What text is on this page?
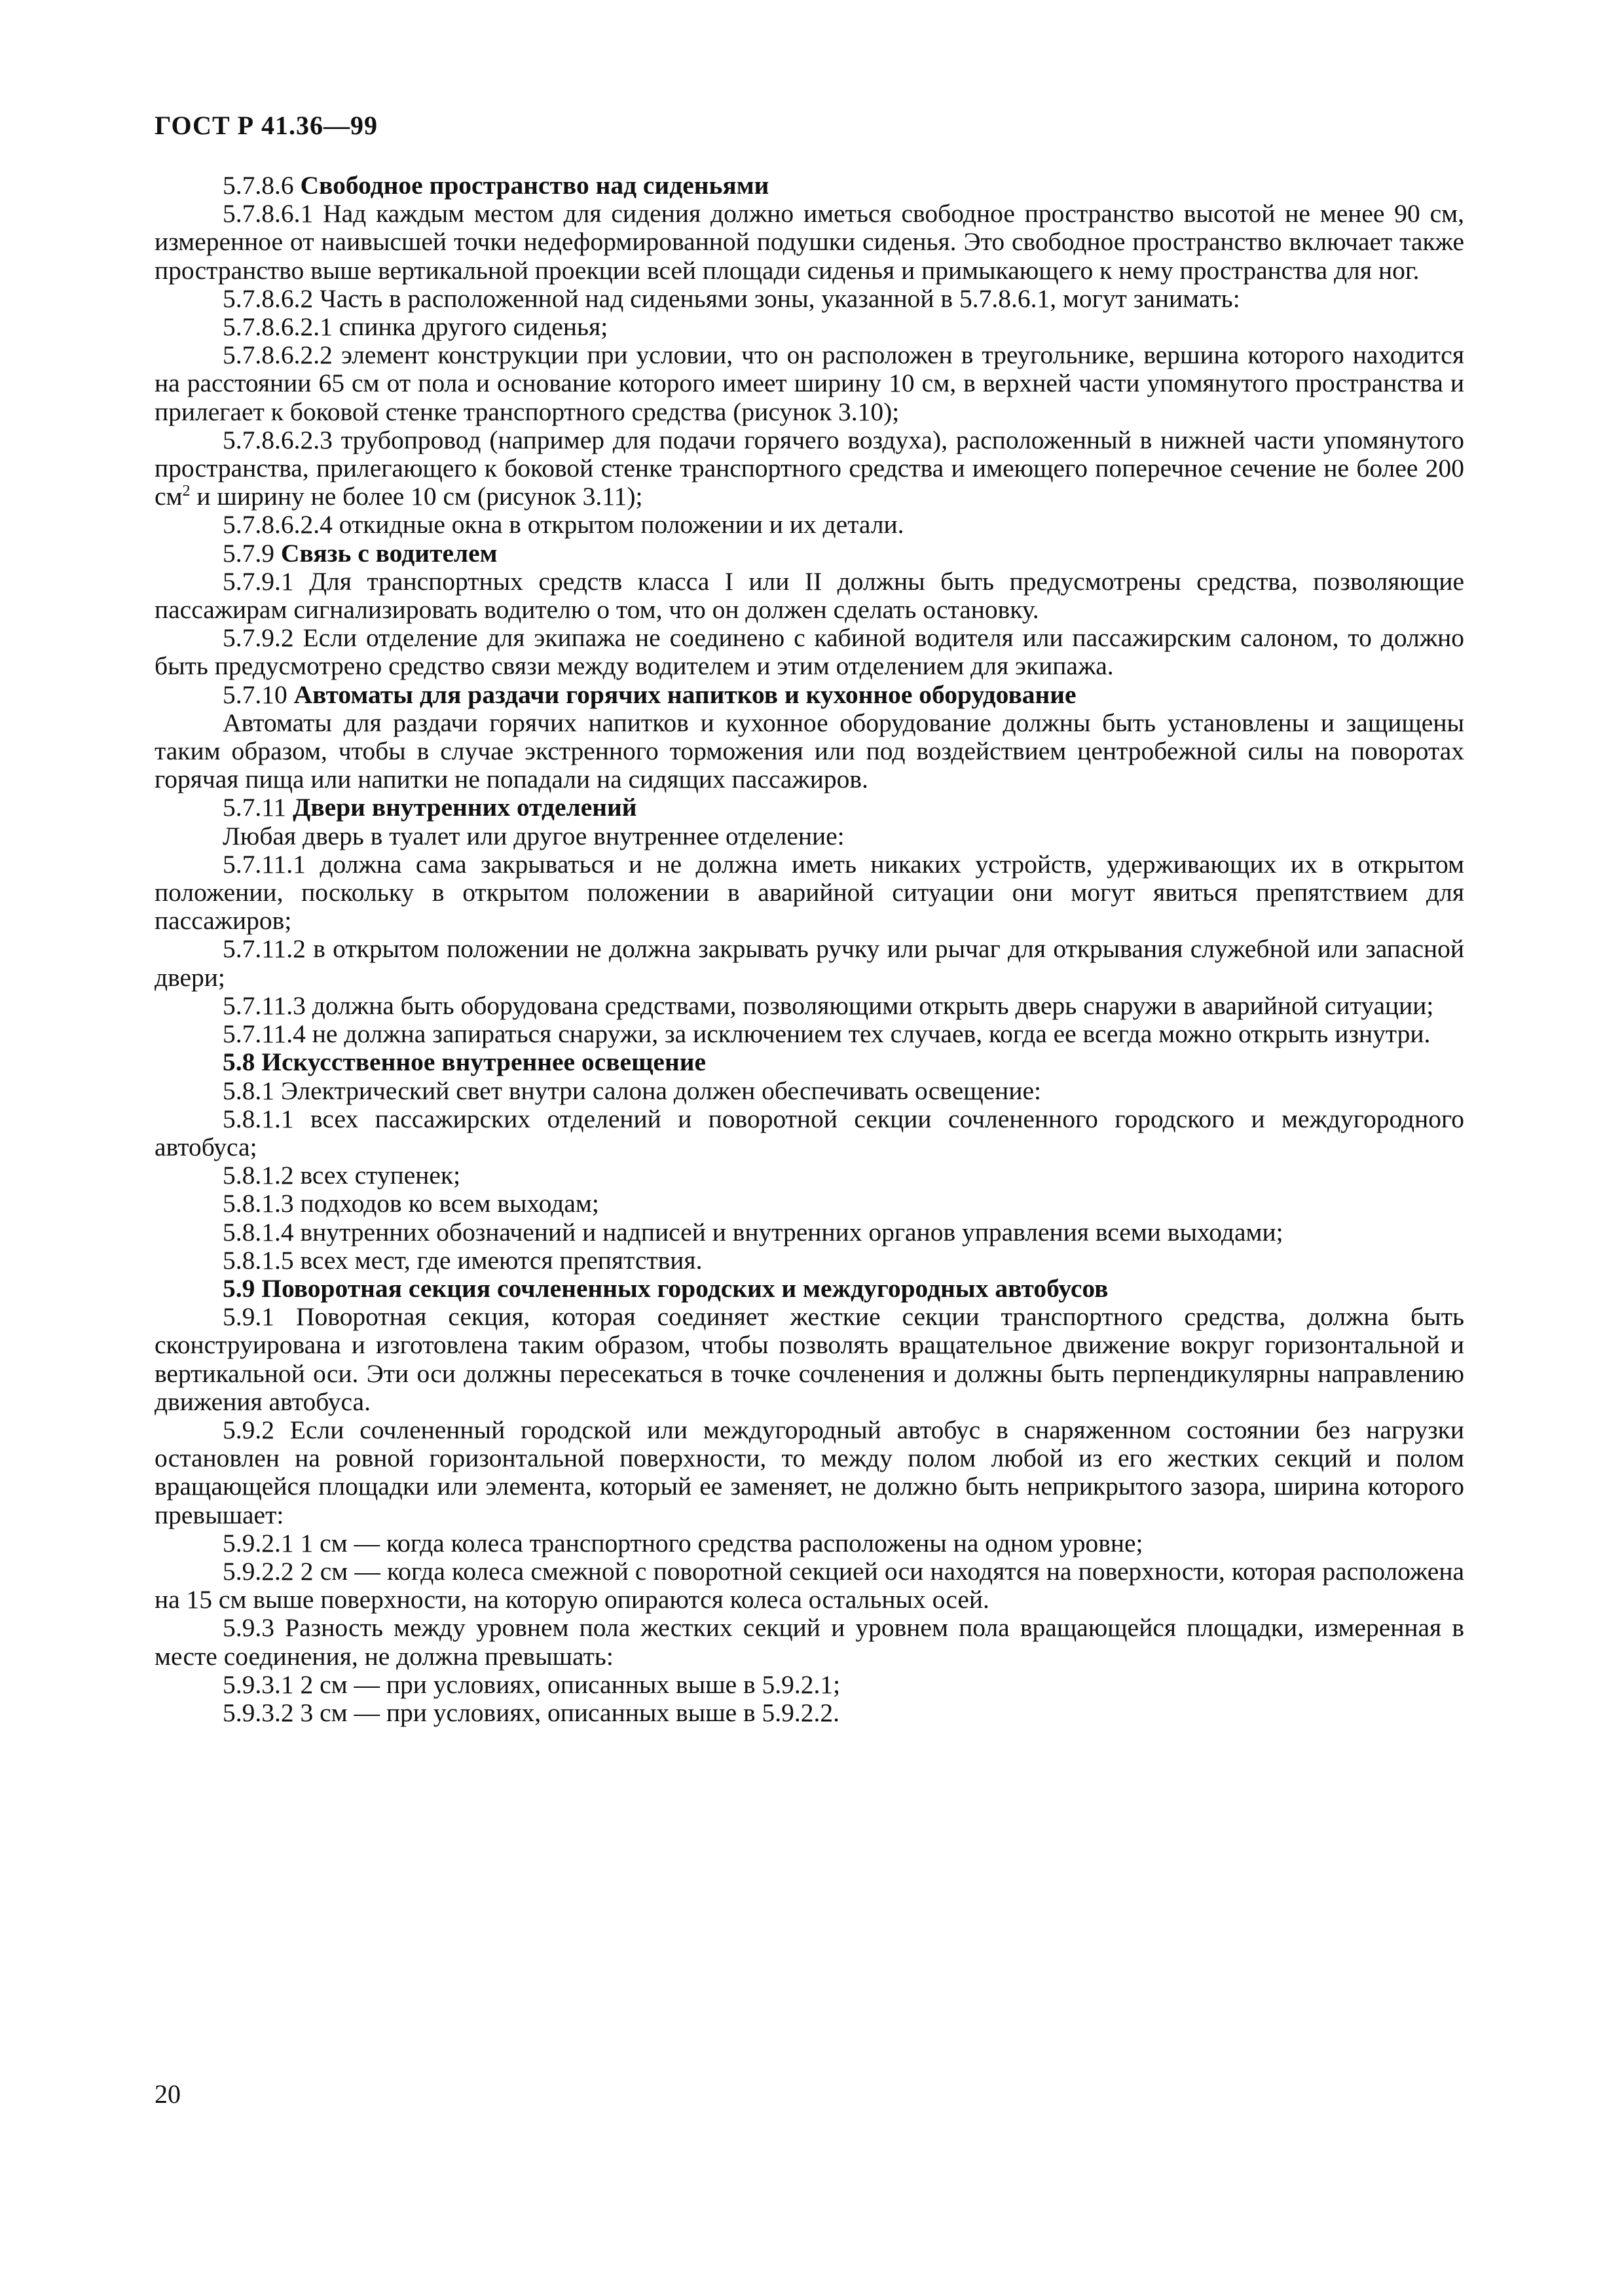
ГОСТ Р 41.36—99

5.7.8.6 Свободное пространство над сиденьями

5.7.8.6.1 Над каждым местом для сидения должно иметься свободное пространство высотой не менее 90 см, измеренное от наивысшей точки недеформированной подушки сиденья. Это свободное пространство включает также пространство выше вертикальной проекции всей площади сиденья и примыкающего к нему пространства для ног.

5.7.8.6.2 Часть в расположенной над сиденьями зоны, указанной в 5.7.8.6.1, могут занимать:

5.7.8.6.2.1 спинка другого сиденья;

5.7.8.6.2.2 элемент конструкции при условии, что он расположен в треугольнике, вершина которого находится на расстоянии 65 см от пола и основание которого имеет ширину 10 см, в верхней части упомянутого пространства и прилегает к боковой стенке транспортного средства (рисунок 3.10);

5.7.8.6.2.3 трубопровод (например для подачи горячего воздуха), расположенный в нижней части упомянутого пространства, прилегающего к боковой стенке транспортного средства и имеющего поперечное сечение не более 200 $см^2$ и ширину не более 10 см (рисунок 3.11);

5.7.8.6.2.4 откидные окна в открытом положении и их детали.

5.7.9 Связь с водителем

5.7.9.1 Для транспортных средств класса I или II должны быть предусмотрены средства, позволяющие пассажирам сигнализировать водителю о том, что он должен сделать остановку.

5.7.9.2 Если отделение для экипажа не соединено с кабиной водителя или пассажирским салоном, то должно быть предусмотрено средство связи между водителем и этим отделением для экипажа.

5.7.10 Автоматы для раздачи горячих напитков и кухонное оборудование

Автоматы для раздачи горячих напитков и кухонное оборудование должны быть установлены и защищены таким образом, чтобы в случае экстренного торможения или под воздействием центробежной силы на поворотах горячая пища или напитки не попадали на сидящих пассажиров.

5.7.11 Двери внутренних отделений

Любая дверь в туалет или другое внутреннее отделение:

5.7.11.1 должна сама закрываться и не должна иметь никаких устройств, удерживающих их в открытом положении, поскольку в открытом положении в аварийной ситуации они могут явиться препятствием для пассажиров;

5.7.11.2 в открытом положении не должна закрывать ручку или рычаг для открывания служебной или запасной двери;

5.7.11.3 должна быть оборудована средствами, позволяющими открыть дверь снаружи в аварийной ситуации;

5.7.11.4 не должна запираться снаружи, за исключением тех случаев, когда ее всегда можно открыть изнутри.

5.8 Искусственное внутреннее освещение

5.8.1 Электрический свет внутри салона должен обеспечивать освещение:

5.8.1.1 всех пассажирских отделений и поворотной секции сочлененного городского и междугородного автобуса;

5.8.1.2 всех ступенек;

5.8.1.3 подходов ко всем выходам;

5.8.1.4 внутренних обозначений и надписей и внутренних органов управления всеми выходами;

5.8.1.5 всех мест, где имеются препятствия.

5.9 Поворотная секция сочлененных городских и междугородных автобусов

5.9.1 Поворотная секция, которая соединяет жесткие секции транспортного средства, должна быть сконструирована и изготовлена таким образом, чтобы позволять вращательное движение вокруг горизонтальной и вертикальной оси. Эти оси должны пересекаться в точке сочленения и должны быть перпендикулярны направлению движения автобуса.

5.9.2 Если сочлененный городской или междугородный автобус в снаряженном состоянии без нагрузки остановлен на ровной горизонтальной поверхности, то между полом любой из его жестких секций и полом вращающейся площадки или элемента, который ее заменяет, не должно быть неприкрытого зазора, ширина которого превышает:

5.9.2.1 1 см — когда колеса транспортного средства расположены на одном уровне;

5.9.2.2 2 см — когда колеса смежной с поворотной секцией оси находятся на поверхности, которая расположена на 15 см выше поверхности, на которую опираются колеса остальных осей.

5.9.3 Разность между уровнем пола жестких секций и уровнем пола вращающейся площадки, измеренная в месте соединения, не должна превышать:

5.9.3.1 2 см — при условиях, описанных выше в 5.9.2.1;

5.9.3.2 3 см — при условиях, описанных выше в 5.9.2.2.

20
